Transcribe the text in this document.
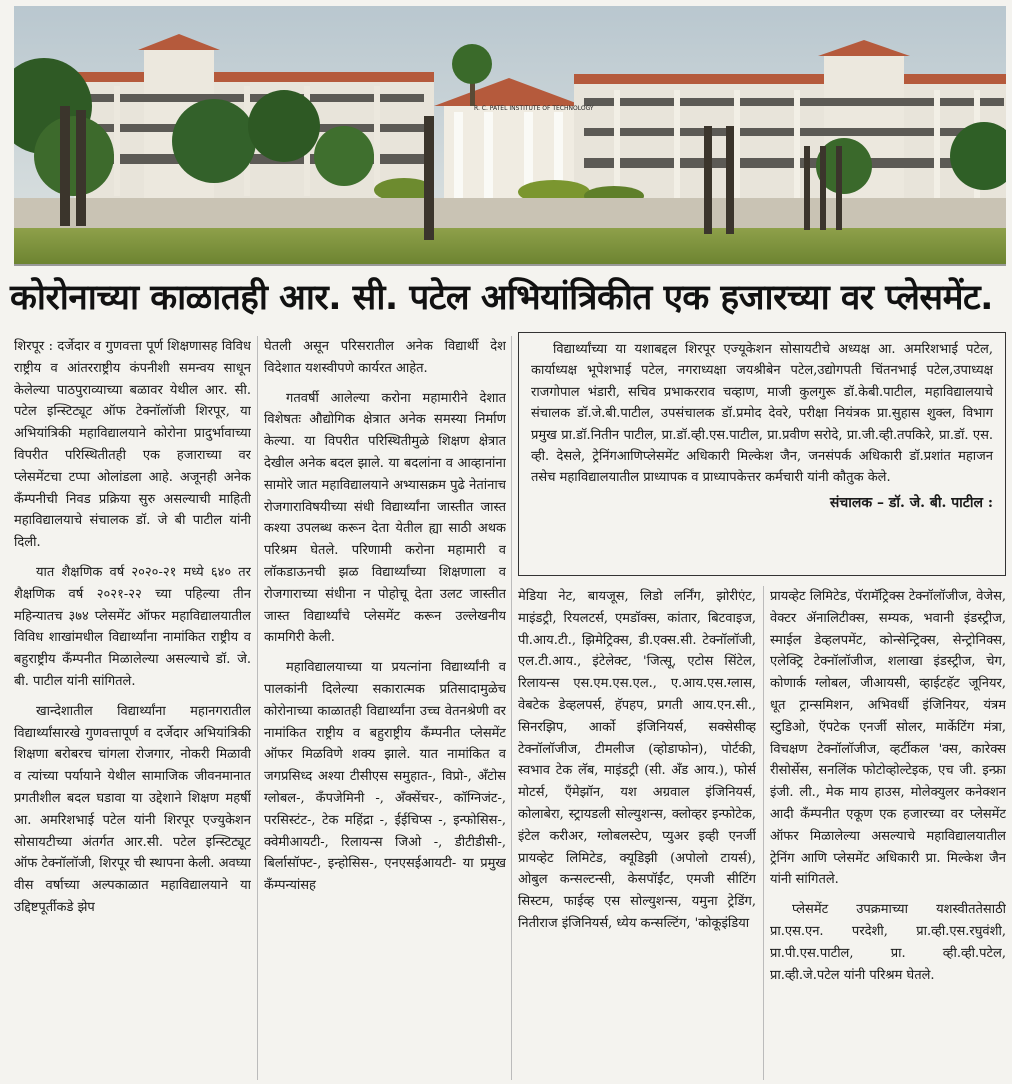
R. C. PATEL INSTITUTE OF TECHNOLOGY
कोरोनाच्या काळातही आर. सी. पटेल अभियांत्रिकीत एक हजारच्या वर प्लेसमेंट.

शिरपूर : दर्जेदार व गुणवत्ता पूर्ण शिक्षणासह विविध राष्ट्रीय व आंतरराष्ट्रीय कंपनीशी समन्वय साधून केलेल्या पाठपुराव्याच्या बळावर येथील आर. सी. पटेल इन्स्टिट्यूट ऑफ टेक्नॉलॉजी शिरपूर, या अभियांत्रिकी महाविद्यालयाने कोरोना प्रादुर्भावाच्या विपरीत परिस्थितीतही एक हजाराच्या वर प्लेसमेंटचा टप्पा ओलांडला आहे. अजूनही अनेक कँम्पनीची निवड प्रक्रिया सुरु असल्याची माहिती महाविद्यालयाचे संचालक डॉ. जे बी पाटील यांनी दिली.

यात शैक्षणिक वर्ष २०२०-२१ मध्ये ६४० तर शैक्षणिक वर्ष २०२१-२२ च्या पहिल्या तीन महिन्यातच ३७४ प्लेसमेंट ऑफर महाविद्यालयातील विविध शाखांमधील विद्यार्थ्यांना नामांकित राष्ट्रीय व बहुराष्ट्रीय कँम्पनीत मिळालेल्या असल्याचे डॉ. जे. बी. पाटील यांनी सांगितले.

खान्देशातील विद्यार्थ्यांना महानगरातील विद्यार्थ्यांसारखे गुणवत्तापूर्ण व दर्जेदार अभियांत्रिकी शिक्षणा बरोबरच चांगला रोजगार, नोकरी मिळावी व त्यांच्या पर्यायाने येथील सामाजिक जीवनमानात प्रगतीशील बदल घडावा या उद्देशाने शिक्षण महर्षी आ. अमरिशभाई पटेल यांनी शिरपूर एज्युकेशन सोसायटीच्या अंतर्गत आर.सी. पटेल इन्स्टिट्यूट ऑफ टेक्नॉलॉजी, शिरपूर ची स्थापना केली. अवघ्या वीस वर्षाच्या अल्पकाळात महाविद्यालयाने या उद्दिष्टपूर्तीकडे झेप

घेतली असून परिसरातील अनेक विद्यार्थी देश विदेशात यशस्वीपणे कार्यरत आहेत.

गतवर्षी आलेल्या करोना महामारीने देशात विशेषतः औद्योगिक क्षेत्रात अनेक समस्या निर्माण केल्या. या विपरीत परिस्थितीमुळे शिक्षण क्षेत्रात देखील अनेक बदल झाले. या बदलांना व आव्हानांना सामोरे जात महाविद्यालयाने अभ्यासक्रम पुढे नेतांनाच रोजगाराविषयीच्या संधी विद्यार्थ्यांना जास्तीत जास्त कश्या उपलब्ध करून देता येतील ह्या साठी अथक परिश्रम घेतले. परिणामी करोना महामारी व लॉकडाऊनची झळ विद्यार्थ्यांच्या शिक्षणाला व रोजगाराच्या संधीना न पोहोचू देता उलट जास्तीत जास्त विद्यार्थ्यांचे प्लेसमेंट करून उल्लेखनीय कामगिरी केली.

महाविद्यालयाच्या या प्रयत्नांना विद्यार्थ्यांनी व पालकांनी दिलेल्या सकारात्मक प्रतिसादामुळेच कोरोनाच्या काळातही विद्यार्थ्यांना उच्च वेतनश्रेणी वर नामांकित राष्ट्रीय व बहुराष्ट्रीय कँम्पनीत प्लेसमेंट ऑफर मिळविणे शक्य झाले. यात नामांकित व जगप्रसिध्द अश्या टीसीएस समुहात-, विप्रो-, अँटोस ग्लोबल-, कँपजेमिनी -, अँक्सेंचर-, कॉग्निजंट-, परसिस्टंट-, टेक महिंद्रा -, ईईचिप्स -, इन्फोसिस-, क्वेमीआयटी-, रिलायन्स जिओ -, डीटीडीसी-, बिर्लासॉफ्ट-, इन्होसिस-, एनएसईआयटी- या प्रमुख कँम्पन्यांसह

विद्यार्थ्यांच्या या यशाबद्दल शिरपूर एज्यूकेशन सोसायटीचे अध्यक्ष आ. अमरिशभाई पटेल, कार्याध्यक्ष भूपेशभाई पटेल, नगराध्यक्षा जयश्रीबेन पटेल,उद्योगपती चिंतनभाई पटेल,उपाध्यक्ष राजगोपाल भंडारी, सचिव प्रभाकरराव चव्हाण, माजी कुलगुरू डॉ.केबी.पाटील, महाविद्यालयाचे संचालक डॉ.जे.बी.पाटील, उपसंचालक डॉ.प्रमोद देवरे, परीक्षा नियंत्रक प्रा.सुहास शुक्ल, विभाग प्रमुख प्रा.डॉ.नितीन पाटील, प्रा.डॉ.व्ही.एस.पाटील, प्रा.प्रवीण सरोदे, प्रा.जी.व्ही.तपकिरे, प्रा.डॉ. एस. व्ही. देसले, ट्रेनिंगआणिप्लेसमेंट अधिकारी मिल्केश जैन, जनसंपर्क अधिकारी डॉ.प्रशांत महाजन तसेच महाविद्यालयातील प्राध्यापक व प्राध्यापकेत्तर कर्मचारी यांनी कौतुक केले.

संचालक – डॉ. जे. बी. पाटील :

मेडिया नेट, बायजूस, लिडो लर्निंग, झोरीएंट, माइंडट्री, रियलटर्स, एमडॉक्स, कांतार, बिटवाइज, पी.आय.टी., झिमेट्रिक्स, डी.एक्स.सी. टेक्नॉलॉजी, एल.टी.आय., इंटेलेक्ट, 'जित्सू, एटोस सिंटेल, रिलायन्स एस.एम.एस.एल., ए.आय.एस.ग्लास, वेबटेक डेव्हलपर्स, हॅपहप, प्रगती आय.एन.सी., सिनरझिप, आर्को इंजिनियर्स, सक्सेसीव्ह टेक्नॉलॉजीज, टीमलीज (व्होडाफोन), पोर्टकी, स्वभाव टेक लॅब, माइंडट्री (सी. अँड आय.), फोर्स मोटर्स, एँमेझॉन, यश अग्रवाल इंजिनियर्स, कोलाबेरा, स्ट्रायडली सोल्युशन्स, क्लोव्हर इन्फोटेक, इंटेल करीअर, ग्लोबलस्टेप, प्युअर इव्ही एनर्जी प्रायव्हेट लिमिटेड, क्यूडिझी (अपोलो टायर्स), ओबुल कन्सल्टन्सी, केसपॉईंट, एमजी सीटिंग सिस्टम, फाईव्ह एस सोल्युशन्स, यमुना ट्रेडिंग, नितीराज इंजिनियर्स, ध्येय कन्सल्टिंग, 'कोकूइंडिया

प्रायव्हेट लिमिटेड, पॅरामॅट्रिक्स टेक्नॉलॉजीज, वेजेस, वेक्टर ॲनालिटीक्स, सम्यक, भवानी इंडस्ट्रीज, स्माईल डेव्हलपमेंट, कोन्सेन्ट्रिक्स, सेन्ट्रोनिक्स, एलेक्ट्रि टेक्नॉलॉजीज, शलाखा इंडस्ट्रीज, चेग, कोणार्क ग्लोबल, जीआयसी, व्हाईटहॅट जूनियर, धूत ट्रान्समिशन, अभिवर्धी इंजिनियर, यंत्रम स्टुडिओ, ऍपटेक एनर्जी सोलर, मार्केटिंग मंत्रा, विचक्षण टेक्नॉलॉजीज, व्हर्टीकल 'क्स, कारेक्स रीसोर्सेस, सनलिंक फोटोव्होल्टेइक, एच जी. इन्फ्रा इंजी. ली., मेक माय हाउस, मोलेक्युलर कनेक्शन आदी कँम्पनीत एकूण एक हजारच्या वर प्लेसमेंट ऑफर मिळालेल्या असल्याचे महाविद्यालयातील ट्रेनिंग आणि प्लेसमेंट अधिकारी प्रा. मिल्केश जैन यांनी सांगितले.

प्लेसमेंट उपक्रमाच्या यशस्वीततेसाठी प्रा.एस.एन. परदेशी, प्रा.व्ही.एस.रघुवंशी, प्रा.पी.एस.पाटील, प्रा. व्ही.व्ही.पटेल, प्रा.व्ही.जे.पटेल यांनी परिश्रम घेतले.
